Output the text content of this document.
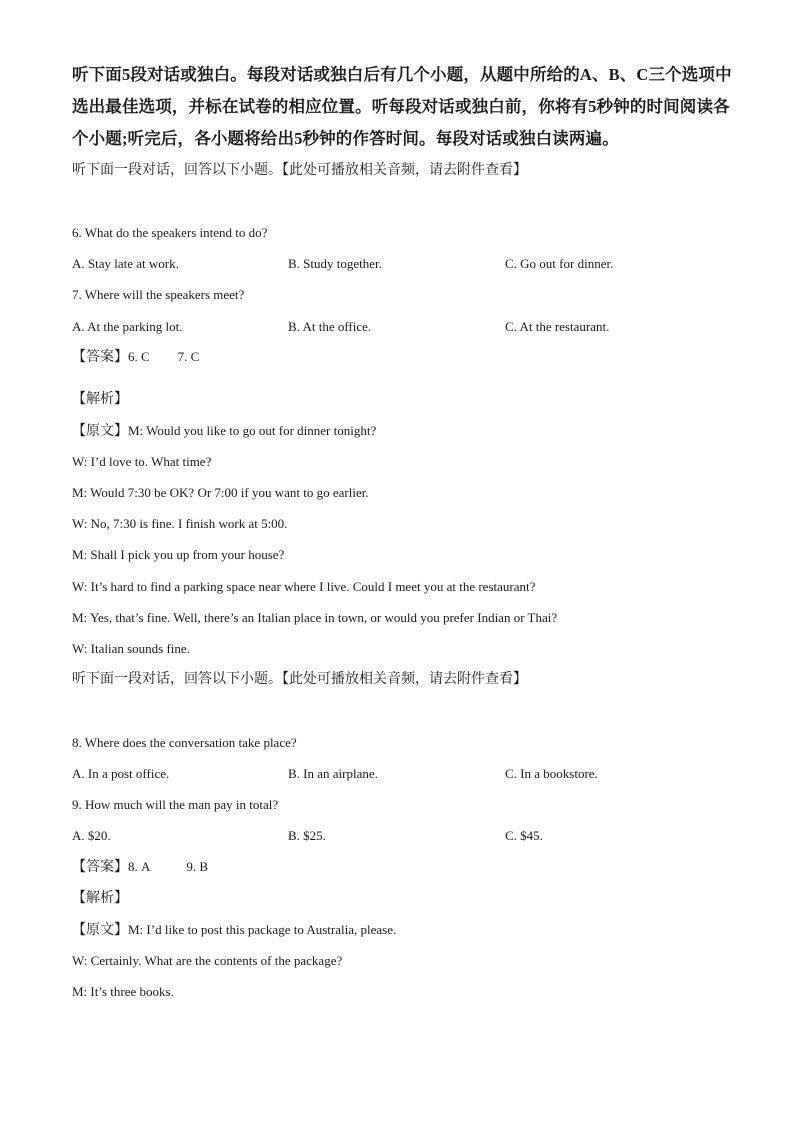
听下面5段对话或独白。每段对话或独白后有几个小题，从题中所给的A、B、C三个选项中
选出最佳选项，并标在试卷的相应位置。听每段对话或独白前，你将有5秒钟的时间阅读各
个小题;听完后，各小题将给出5秒钟的作答时间。每段对话或独白读两遍。
听下面一段对话，回答以下小题。【此处可播放相关音频，请去附件查看】
6. What do the speakers intend to do?
A. Stay late at work.	B. Study together.	C. Go out for dinner.
7. Where will the speakers meet?
A. At the parking lot.	B. At the office.	C. At the restaurant.
【答案】6. C 7. C
【解析】
【原文】M: Would you like to go out for dinner tonight?
W: I’d love to. What time?
M: Would 7:30 be OK? Or 7:00 if you want to go earlier.
W: No, 7:30 is fine. I finish work at 5:00.
M: Shall I pick you up from your house?
W: It’s hard to find a parking space near where I live. Could I meet you at the restaurant?
M: Yes, that’s fine. Well, there’s an Italian place in town, or would you prefer Indian or Thai?
W: Italian sounds fine.
听下面一段对话，回答以下小题。【此处可播放相关音频，请去附件查看】
8. Where does the conversation take place?
A. In a post office.	B. In an airplane.	C. In a bookstore.
9. How much will the man pay in total?
A. $20.	B. $25.	C. $45.
【答案】8. A	9. B
【解析】
【原文】M: I’d like to post this package to Australia, please.
W: Certainly. What are the contents of the package?
M: It’s three books.
